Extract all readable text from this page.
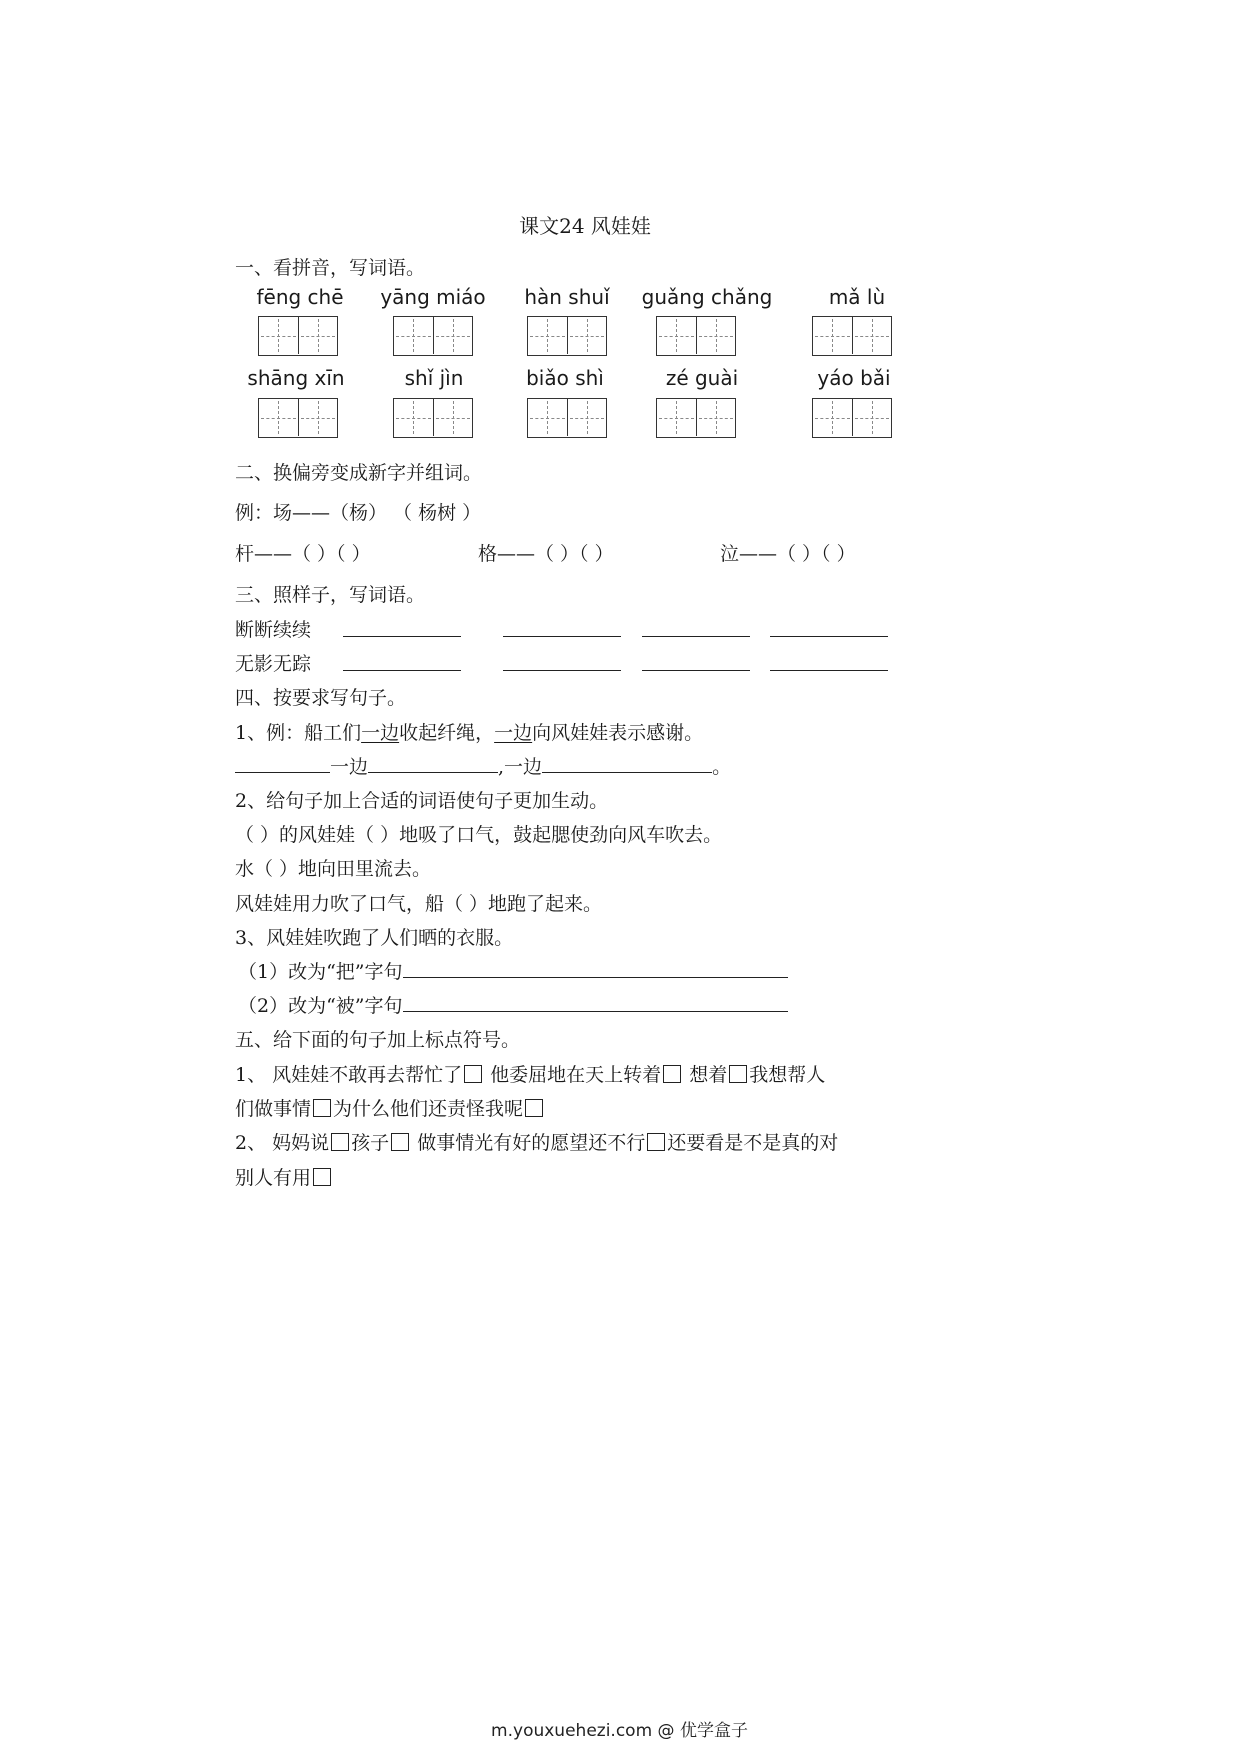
课文24 风娃娃
一、看拼音，写词语。
fēng chē	yāng miáo	hàn shuǐ	guǎng chǎng	mǎ lù
shāng xīn	shǐ jìn	biǎo shì	zé guài	yáo bǎi
二、换偏旁变成新字并组词。
例：场——（杨） （ 杨树 ）
杆——（ ）（ ）	格——（ ）（ ）	泣——（ ）（ ）
三、照样子，写词语。
断断续续
无影无踪
四、按要求写句子。
1、例：船工们一边收起纤绳，一边向风娃娃表示感谢。
一边	,一边	。
2、给句子加上合适的词语使句子更加生动。
（ ）的风娃娃（ ）地吸了口气，鼓起腮使劲向风车吹去。
水（ ）地向田里流去。
风娃娃用力吹了口气，船（ ）地跑了起来。
3、风娃娃吹跑了人们晒的衣服。
（1）改为“把”字句
（2）改为“被”字句
五、给下面的句子加上标点符号。
1、 风娃娃不敢再去帮忙了 他委屈地在天上转着 想着 我想帮人
们做事情 为什么他们还责怪我呢
2、 妈妈说 孩子 做事情光有好的愿望还不行 还要看是不是真的对
别人有用
m.youxuehezi.com @ 优学盒子
